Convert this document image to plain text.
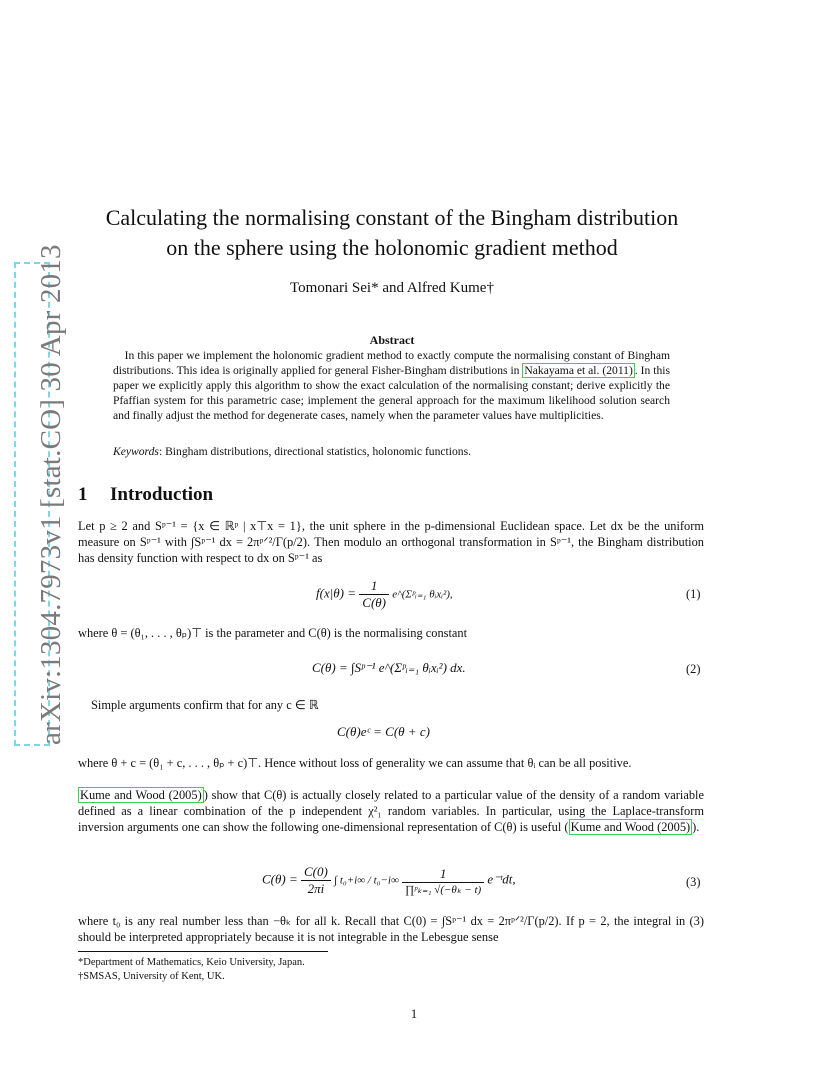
arXiv:1304.7973v1 [stat.CO] 30 Apr 2013
Calculating the normalising constant of the Bingham distribution
on the sphere using the holonomic gradient method
Tomonari Sei* and Alfred Kume†
Abstract
 In this paper we implement the holonomic gradient method to exactly compute the normalising constant of Bingham distributions. This idea is originally applied for general Fisher-Bingham distributions in Nakayama et al. (2011) . In this paper we explicitly apply this algorithm to show the exact calculation of the normalising constant; derive explicitly the Pfaffian system for this parametric case; implement the general approach for the maximum likelihood solution search and finally adjust the method for degenerate cases, namely when the parameter values have multiplicities.
Keywords: Bingham distributions, directional statistics, holonomic functions.
1 Introduction
Let p ≥ 2 and Sᵖ⁻¹ = {x ∈ ℝᵖ | x⊤x = 1}, the unit sphere in the p-dimensional Euclidean space. Let dx be the uniform measure on Sᵖ⁻¹ with ∫Sᵖ⁻¹ dx = 2πᵖᐟ²/Γ(p/2). Then modulo an orthogonal transformation in Sᵖ⁻¹, the Bingham distribution has density function with respect to dx on Sᵖ⁻¹ as
$f(x|\theta) = \frac{1}{C(\theta)}$ e^(Σᵖᵢ₌₁ θᵢxᵢ²),	(1)
where θ = (θ₁, . . . , θₚ)⊤ is the parameter and C(θ) is the normalising constant
C(θ) = ∫Sᵖ⁻¹ e^(Σᵖᵢ₌₁ θᵢxᵢ²) dx.	(2)
Simple arguments confirm that for any c ∈ ℝ
C(θ)eᶜ = C(θ + c)
where θ + c = (θ₁ + c, . . . , θₚ + c)⊤. Hence without loss of generality we can assume that θᵢ can be all positive.
Kume and Wood (2005) ) show that C(θ) is actually closely related to a particular value of the density of a random variable defined as a linear combination of the p independent χ²₁ random variables. In particular, using the Laplace-transform inversion arguments one can show the following one-dimensional representation of C(θ) is useful ( Kume and Wood (2005) ).
$C(\theta) = \frac{C(0)}{2\pi i}$ ∫ $t_0+i\infty / t_0-i\infty \frac{1}{\text{∏ᵖₖ₌₁ √(−θₖ − t)}}$ e⁻ᵗdt,	(3)
where t₀ is any real number less than −θₖ for all k. Recall that C(0) = ∫Sᵖ⁻¹ dx = 2πᵖᐟ²/Γ(p/2). If p = 2, the integral in (3) should be interpreted appropriately because it is not integrable in the Lebesgue sense
*Department of Mathematics, Keio University, Japan.
†SMSAS, University of Kent, UK.
1
